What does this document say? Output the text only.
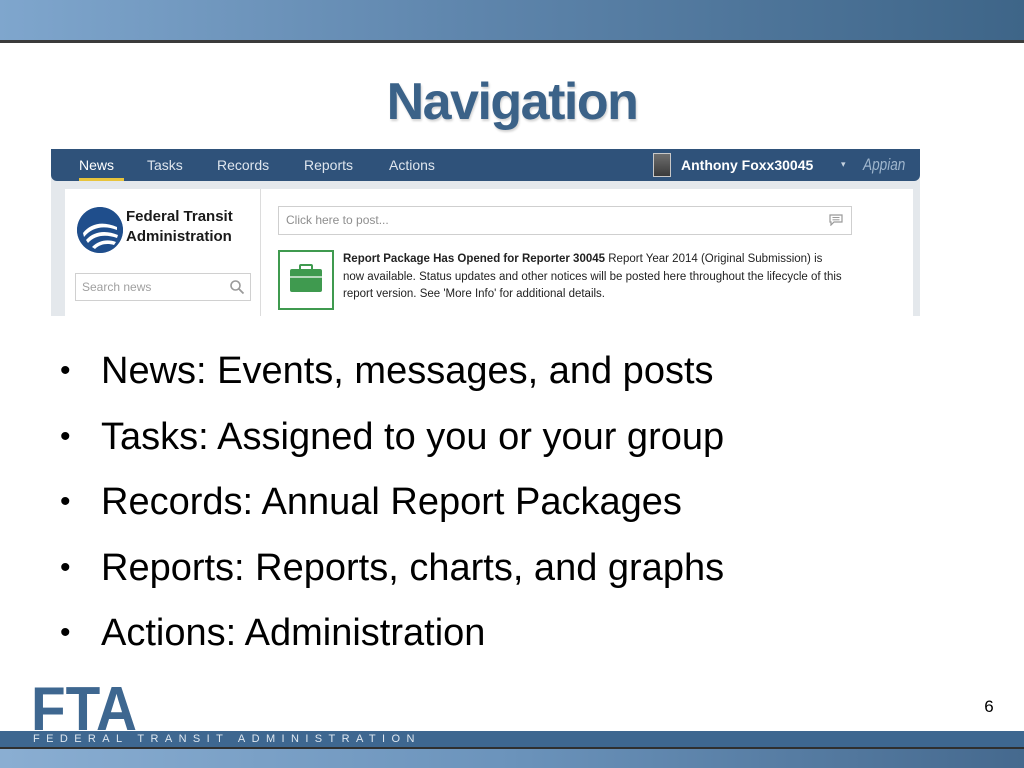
Navigation
News Tasks Records Reports	Actions	Anthony Foxx30045	▾ Appian
Federal Transit
Administration
Search news
Click here to post...
Report Package Has Opened for Reporter 30045 Report Year 2014 (Original Submission) is now available. Status updates and other notices will be posted here throughout the lifecycle of this report version. See 'More Info' for additional details.
• News: Events, messages, and posts
• Tasks: Assigned to you or your group
• Records: Annual Report Packages
• Reports: Reports, charts, and graphs
• Actions: Administration
FTA	6
FEDERAL TRANSIT ADMINISTRATION
